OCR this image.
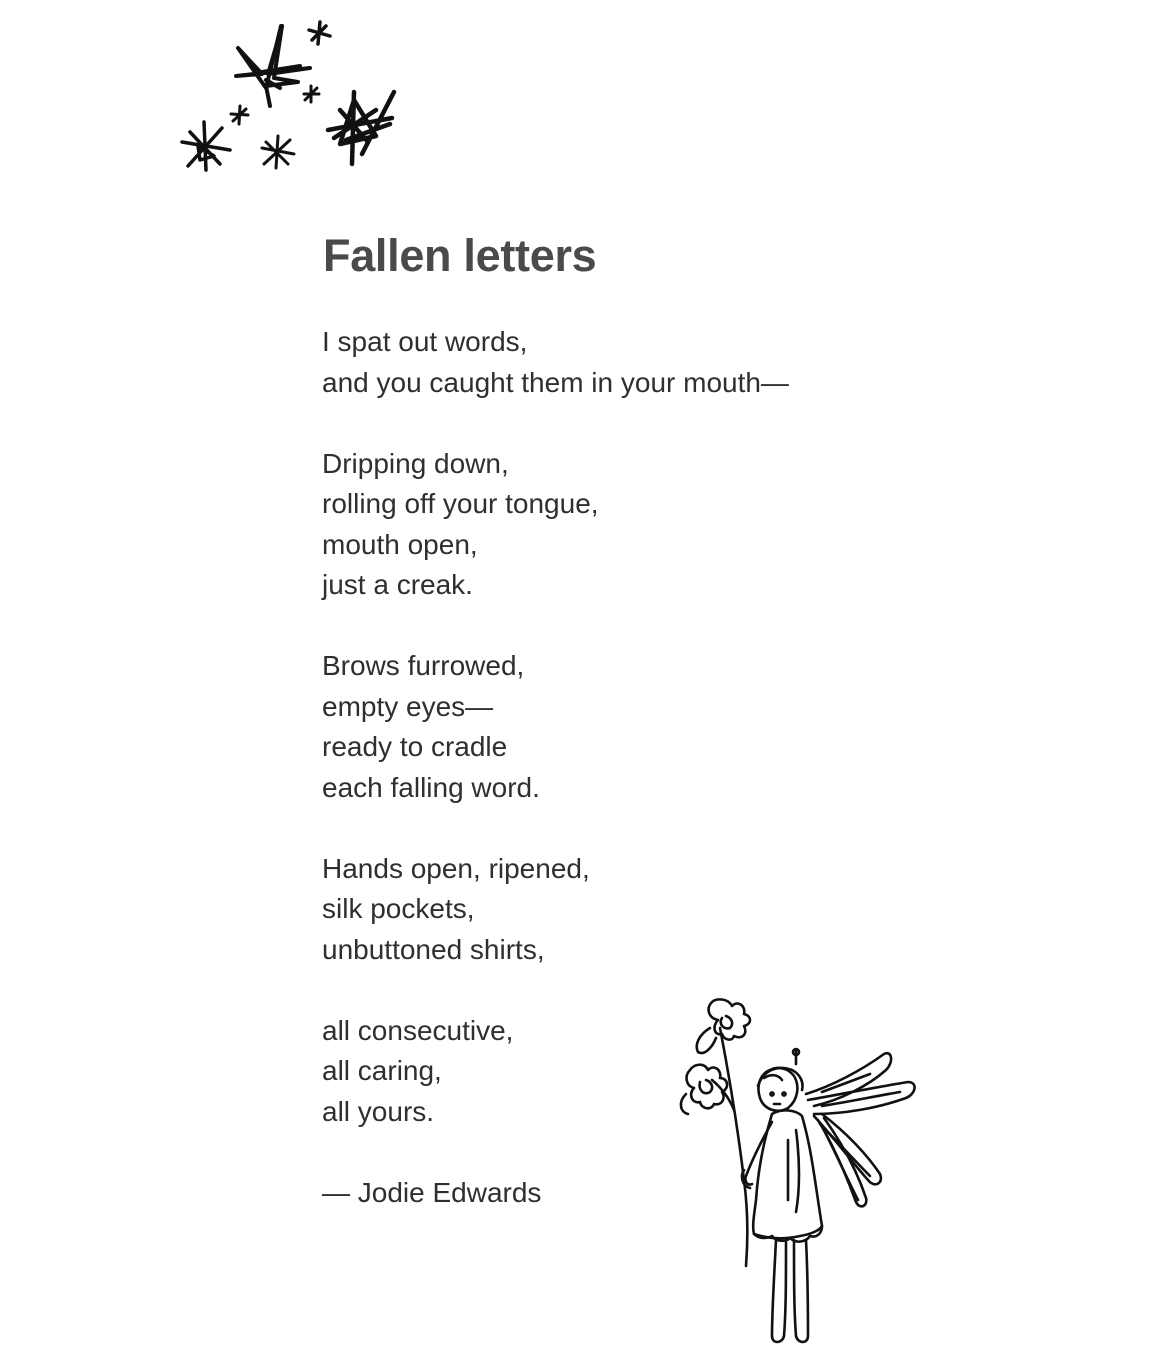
Fallen letters
I spat out words,
and you caught them in your mouth—
Dripping down,
rolling off your tongue,
mouth open,
just a creak.
Brows furrowed,
empty eyes—
ready to cradle
each falling word.
Hands open, ripened,
silk pockets,
unbuttoned shirts,
all consecutive,
all caring,
all yours.
— Jodie Edwards
